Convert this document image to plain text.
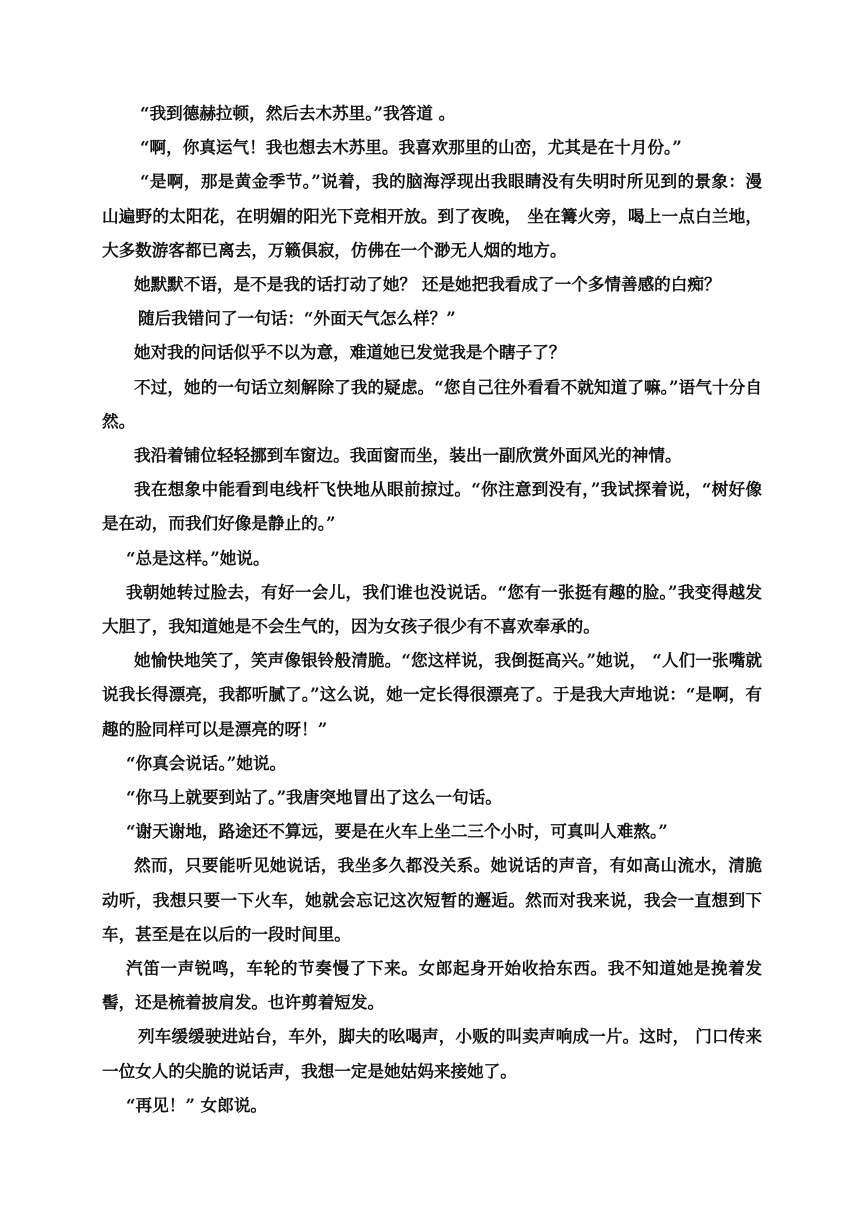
“我到德赫拉顿，然后去木苏里。”我答道 。

“啊，你真运气！我也想去木苏里。我喜欢那里的山峦，尤其是在十月份。”

“是啊，那是黄金季节。”说着，我的脑海浮现出我眼睛没有失明时所见到的景象：漫山遍野的太阳花，在明媚的阳光下竞相开放。到了夜晚， 坐在篝火旁，喝上一点白兰地，大多数游客都已离去，万籁俱寂，仿佛在一个渺无人烟的地方。

她默默不语，是不是我的话打动了她？ 还是她把我看成了一个多情善感的白痴？

随后我错问了一句话：“外面天气怎么样？”

她对我的问话似乎不以为意，难道她已发觉我是个瞎子了？

不过，她的一句话立刻解除了我的疑虑。“您自己往外看看不就知道了嘛。”语气十分自然。

我沿着铺位轻轻挪到车窗边。我面窗而坐，装出一副欣赏外面风光的神情。

我在想象中能看到电线杆飞快地从眼前掠过。“你注意到没有，”我试探着说，“树好像是在动，而我们好像是静止的。”

“总是这样。”她说。

我朝她转过脸去，有好一会儿，我们谁也没说话。“您有一张挺有趣的脸。”我变得越发大胆了，我知道她是不会生气的，因为女孩子很少有不喜欢奉承的。

她愉快地笑了，笑声像银铃般清脆。“您这样说，我倒挺高兴。”她说， “人们一张嘴就说我长得漂亮，我都听腻了。”这么说，她一定长得很漂亮了。于是我大声地说：“是啊，有趣的脸同样可以是漂亮的呀！”

“你真会说话。”她说。

“你马上就要到站了。”我唐突地冒出了这么一句话。

“谢天谢地，路途还不算远，要是在火车上坐二三个小时，可真叫人难熬。”

然而，只要能听见她说话，我坐多久都没关系。她说话的声音，有如高山流水，清脆动听，我想只要一下火车，她就会忘记这次短暂的邂逅。然而对我来说，我会一直想到下车，甚至是在以后的一段时间里。

汽笛一声锐鸣，车轮的节奏慢了下来。女郎起身开始收拾东西。我不知道她是挽着发髻，还是梳着披肩发。也许剪着短发。

列车缓缓驶进站台，车外，脚夫的吆喝声，小贩的叫卖声响成一片。这时， 门口传来一位女人的尖脆的说话声，我想一定是她姑妈来接她了。

“再见！” 女郎说。
